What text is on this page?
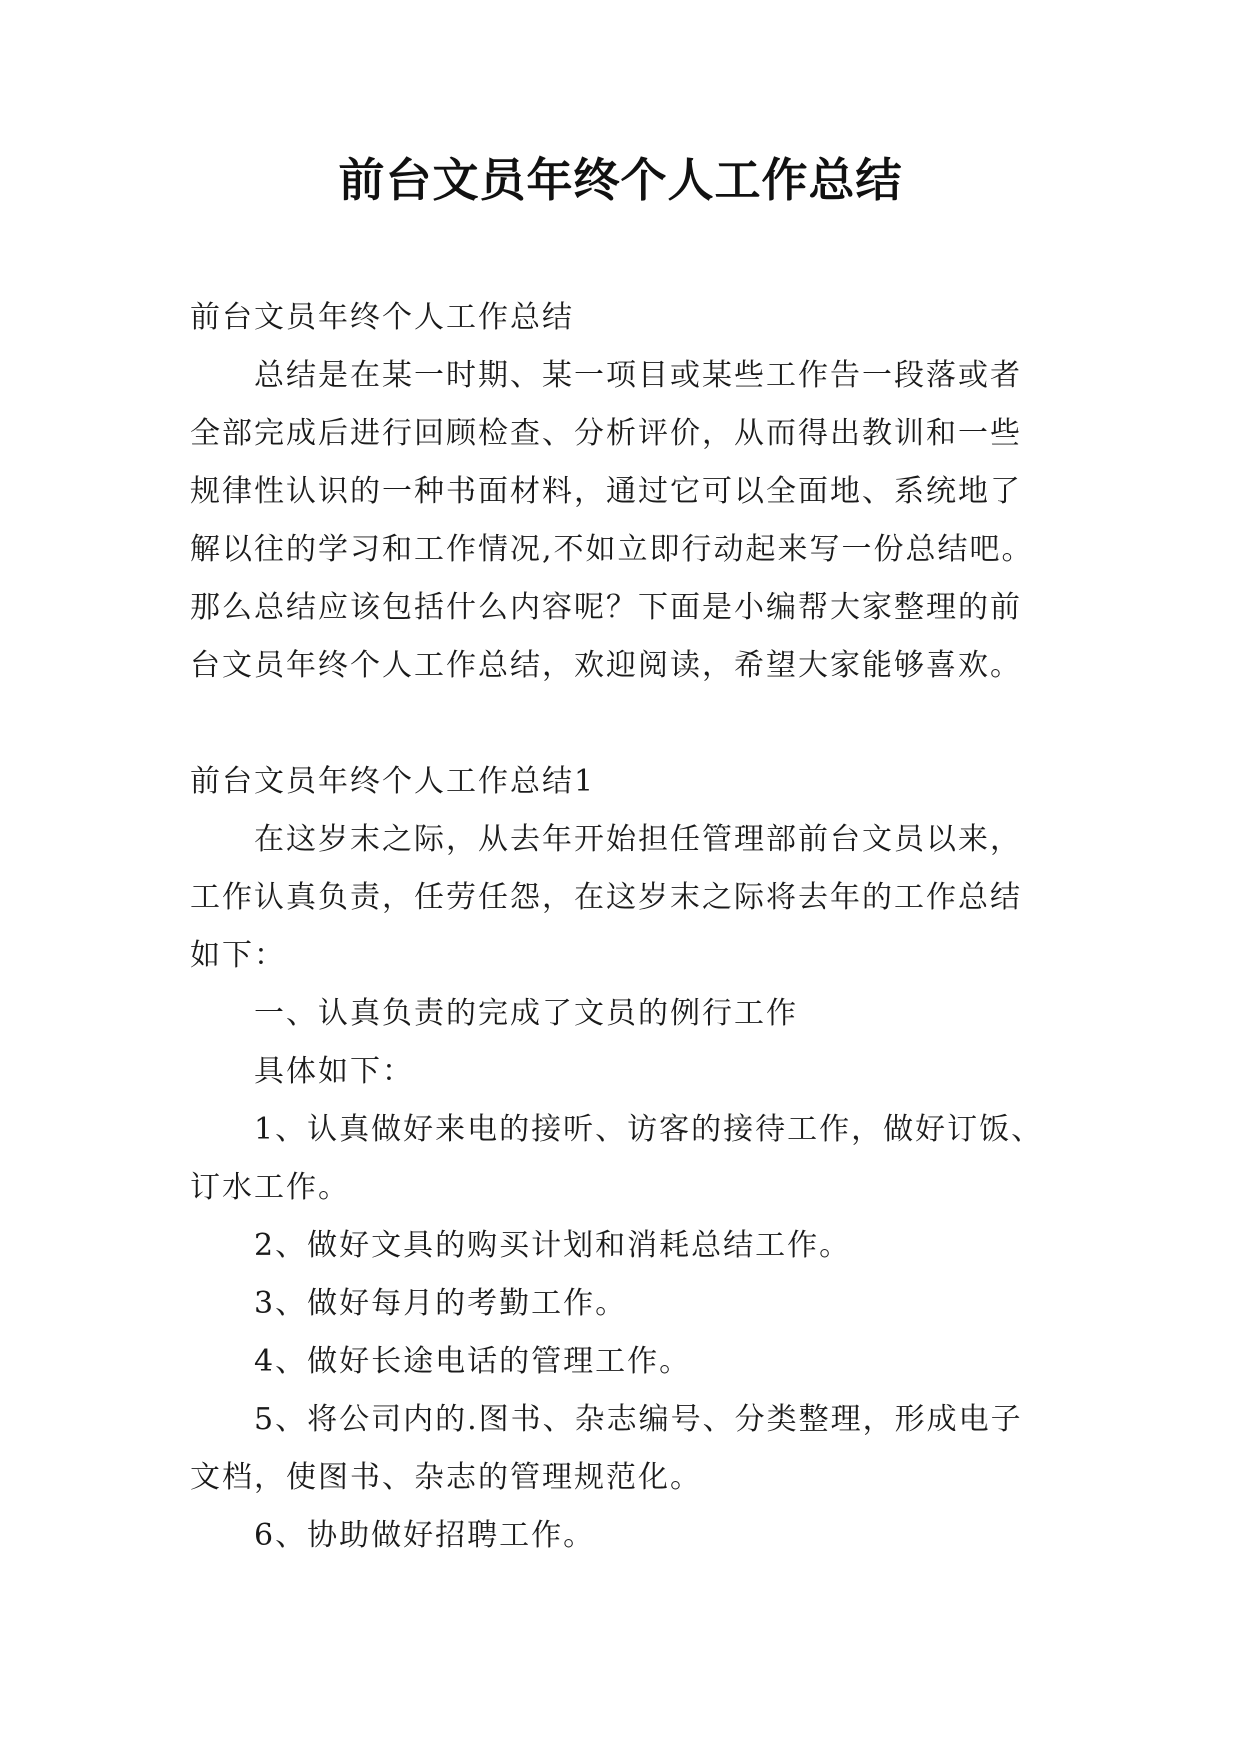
前台文员年终个人工作总结

前台文员年终个人工作总结

总结是在某一时期、某一项目或某些工作告一段落或者全部完成后进行回顾检查、分析评价，从而得出教训和一些规律性认识的一种书面材料，通过它可以全面地、系统地了解以往的学习和工作情况,不如立即行动起来写一份总结吧。那么总结应该包括什么内容呢？下面是小编帮大家整理的前台文员年终个人工作总结，欢迎阅读，希望大家能够喜欢。

前台文员年终个人工作总结1

在这岁末之际，从去年开始担任管理部前台文员以来，工作认真负责，任劳任怨，在这岁末之际将去年的工作总结如下：

一、认真负责的完成了文员的例行工作

具体如下：

1、认真做好来电的接听、访客的接待工作，做好订饭、订水工作。

2、做好文具的购买计划和消耗总结工作。

3、做好每月的考勤工作。

4、做好长途电话的管理工作。

5、将公司内的.图书、杂志编号、分类整理，形成电子文档，使图书、杂志的管理规范化。

6、协助做好招聘工作。
